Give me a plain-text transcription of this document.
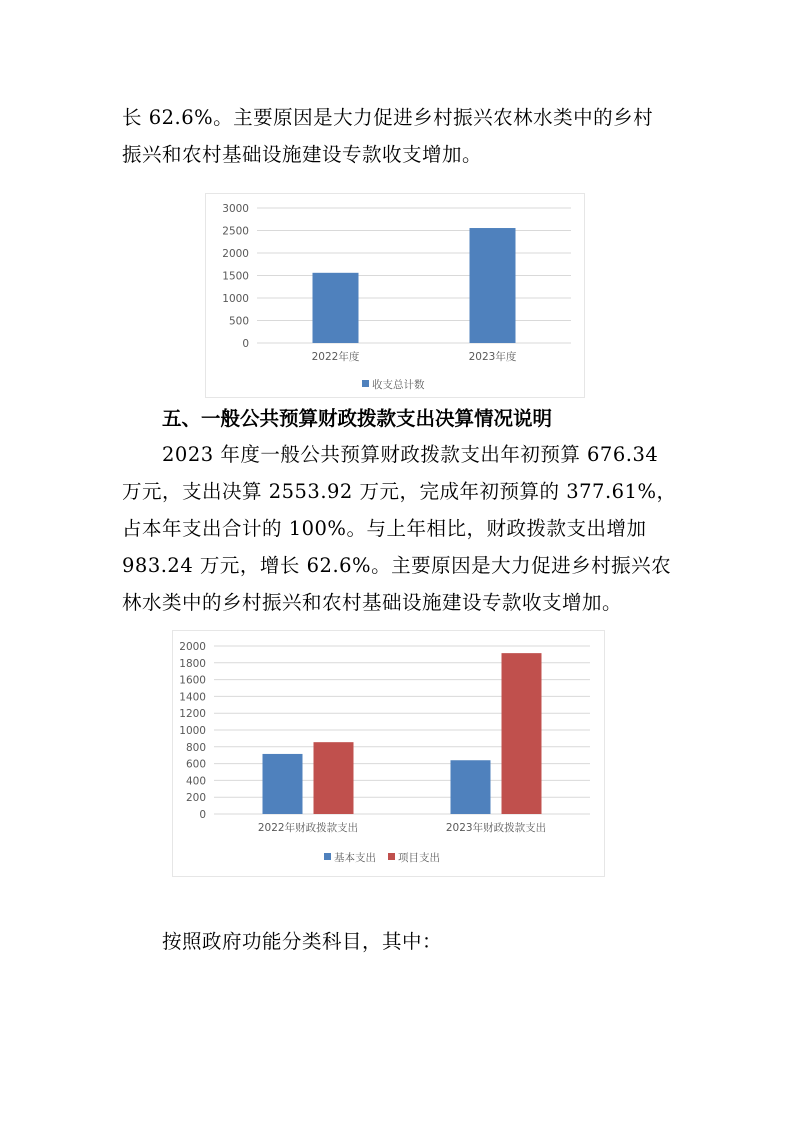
长 62.6%。主要原因是大力促进乡村振兴农林水类中的乡村

振兴和农村基础设施建设专款收支增加。

0
500
1000
1500
2000
2500
3000
2022年度	2023年度
收支总计数

五、一般公共预算财政拨款支出决算情况说明

2023 年度一般公共预算财政拨款支出年初预算 676.34

万元，支出决算 2553.92 万元，完成年初预算的 377.61%，

占本年支出合计的 100%。与上年相比，财政拨款支出增加

983.24 万元，增长 62.6%。主要原因是大力促进乡村振兴农

林水类中的乡村振兴和农村基础设施建设专款收支增加。

0
200
400
600
800
1000
1200
1400
1600
1800
2000
2022年财政拨款支出	2023年财政拨款支出
基本支出 项目支出

按照政府功能分类科目，其中：
